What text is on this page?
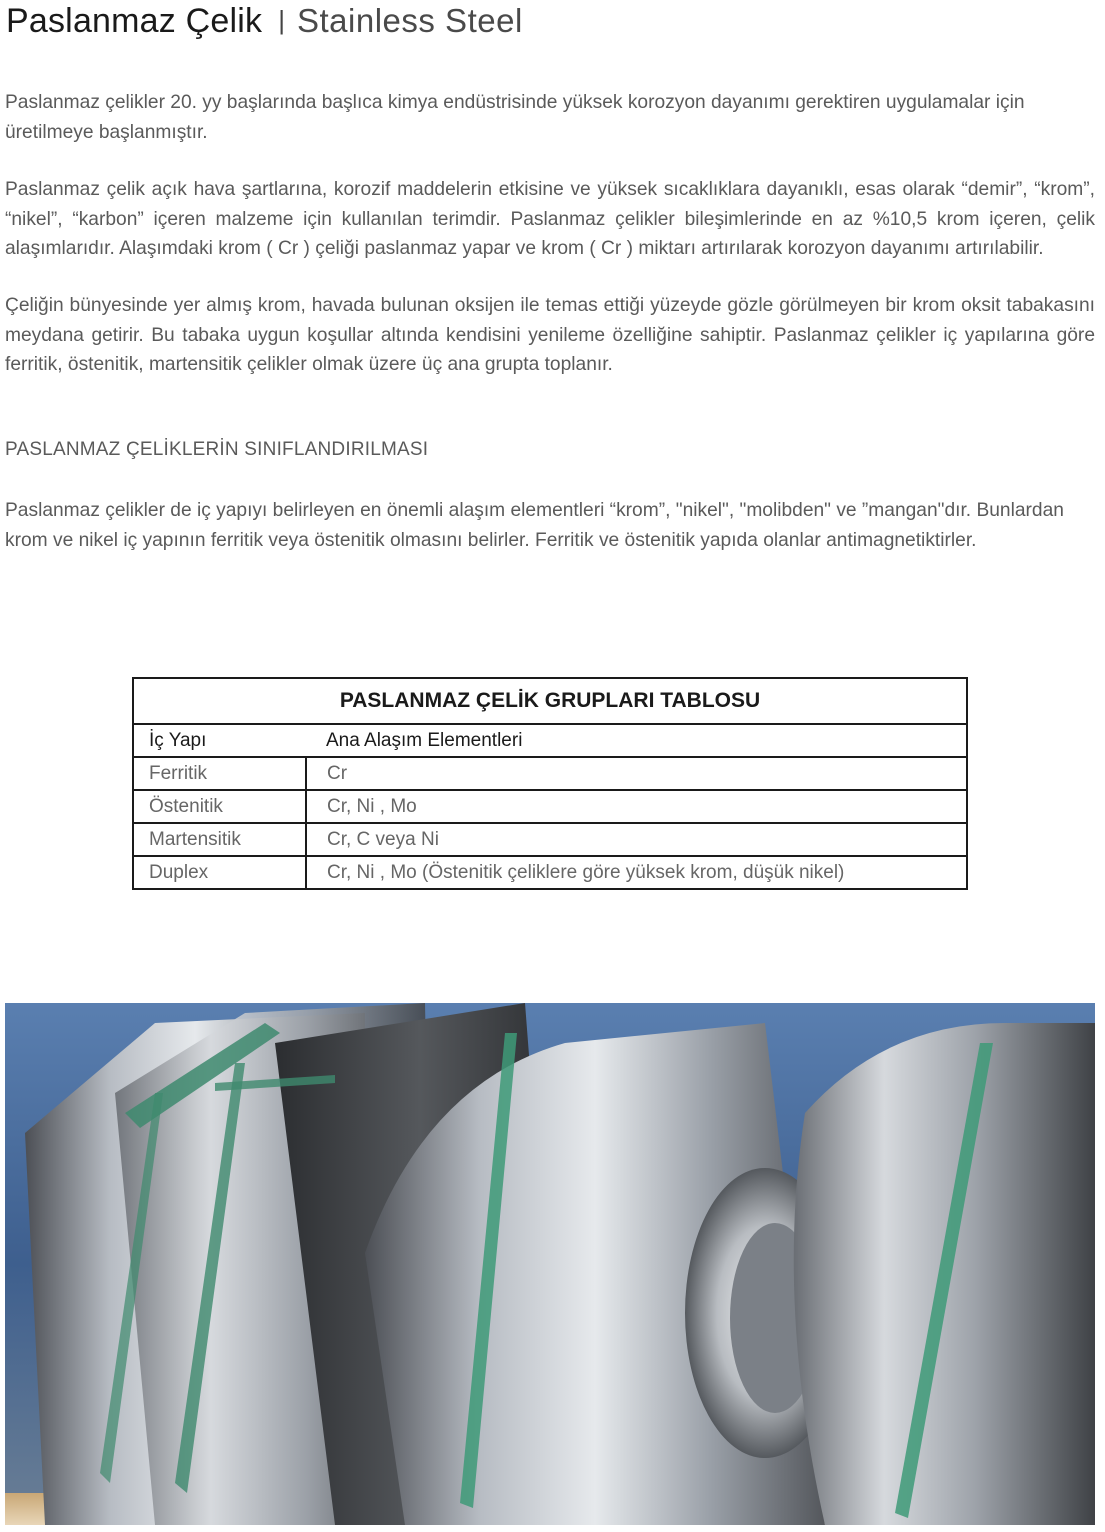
Paslanmaz Çelik | Stainless Steel

Paslanmaz çelikler 20. yy başlarında başlıca kimya endüstrisinde yüksek korozyon dayanımı gerektiren uygulamalar için üretilmeye başlanmıştır.

Paslanmaz çelik açık hava şartlarına, korozif maddelerin etkisine ve yüksek sıcaklıklara dayanıklı, esas olarak “demir”, “krom”, “nikel”, “karbon” içeren malzeme için kullanılan terimdir. Paslanmaz çelikler bileşimlerinde en az %10,5 krom içeren, çelik alaşımlarıdır. Alaşımdaki krom ( Cr ) çeliği paslanmaz yapar ve krom ( Cr ) miktarı artırılarak korozyon dayanımı artırılabilir.

Çeliğin bünyesinde yer almış krom, havada bulunan oksijen ile temas ettiği yüzeyde gözle görülmeyen bir krom oksit tabakasını meydana getirir. Bu tabaka uygun koşullar altında kendisini yenileme özelliğine sahiptir. Paslanmaz çelikler iç yapılarına göre ferritik, östenitik, martensitik çelikler olmak üzere üç ana grupta toplanır.

PASLANMAZ ÇELİKLERİN SINIFLANDIRILMASI

Paslanmaz çelikler de iç yapıyı belirleyen en önemli alaşım elementleri “krom”, "nikel", "molibden" ve ”mangan"dır. Bunlardan krom ve nikel iç yapının ferritik veya östenitik olmasını belirler. Ferritik ve östenitik yapıda olanlar antimagnetiktirler.

PASLANMAZ ÇELİK GRUPLARI TABLOSU	
İç Yapı	Ana Alaşım Elementleri
Ferritik	Cr
Östenitik	Cr, Ni , Mo
Martensitik	Cr, C veya Ni
Duplex	Cr, Ni , Mo (Östenitik çeliklere göre yüksek krom, düşük nikel)
